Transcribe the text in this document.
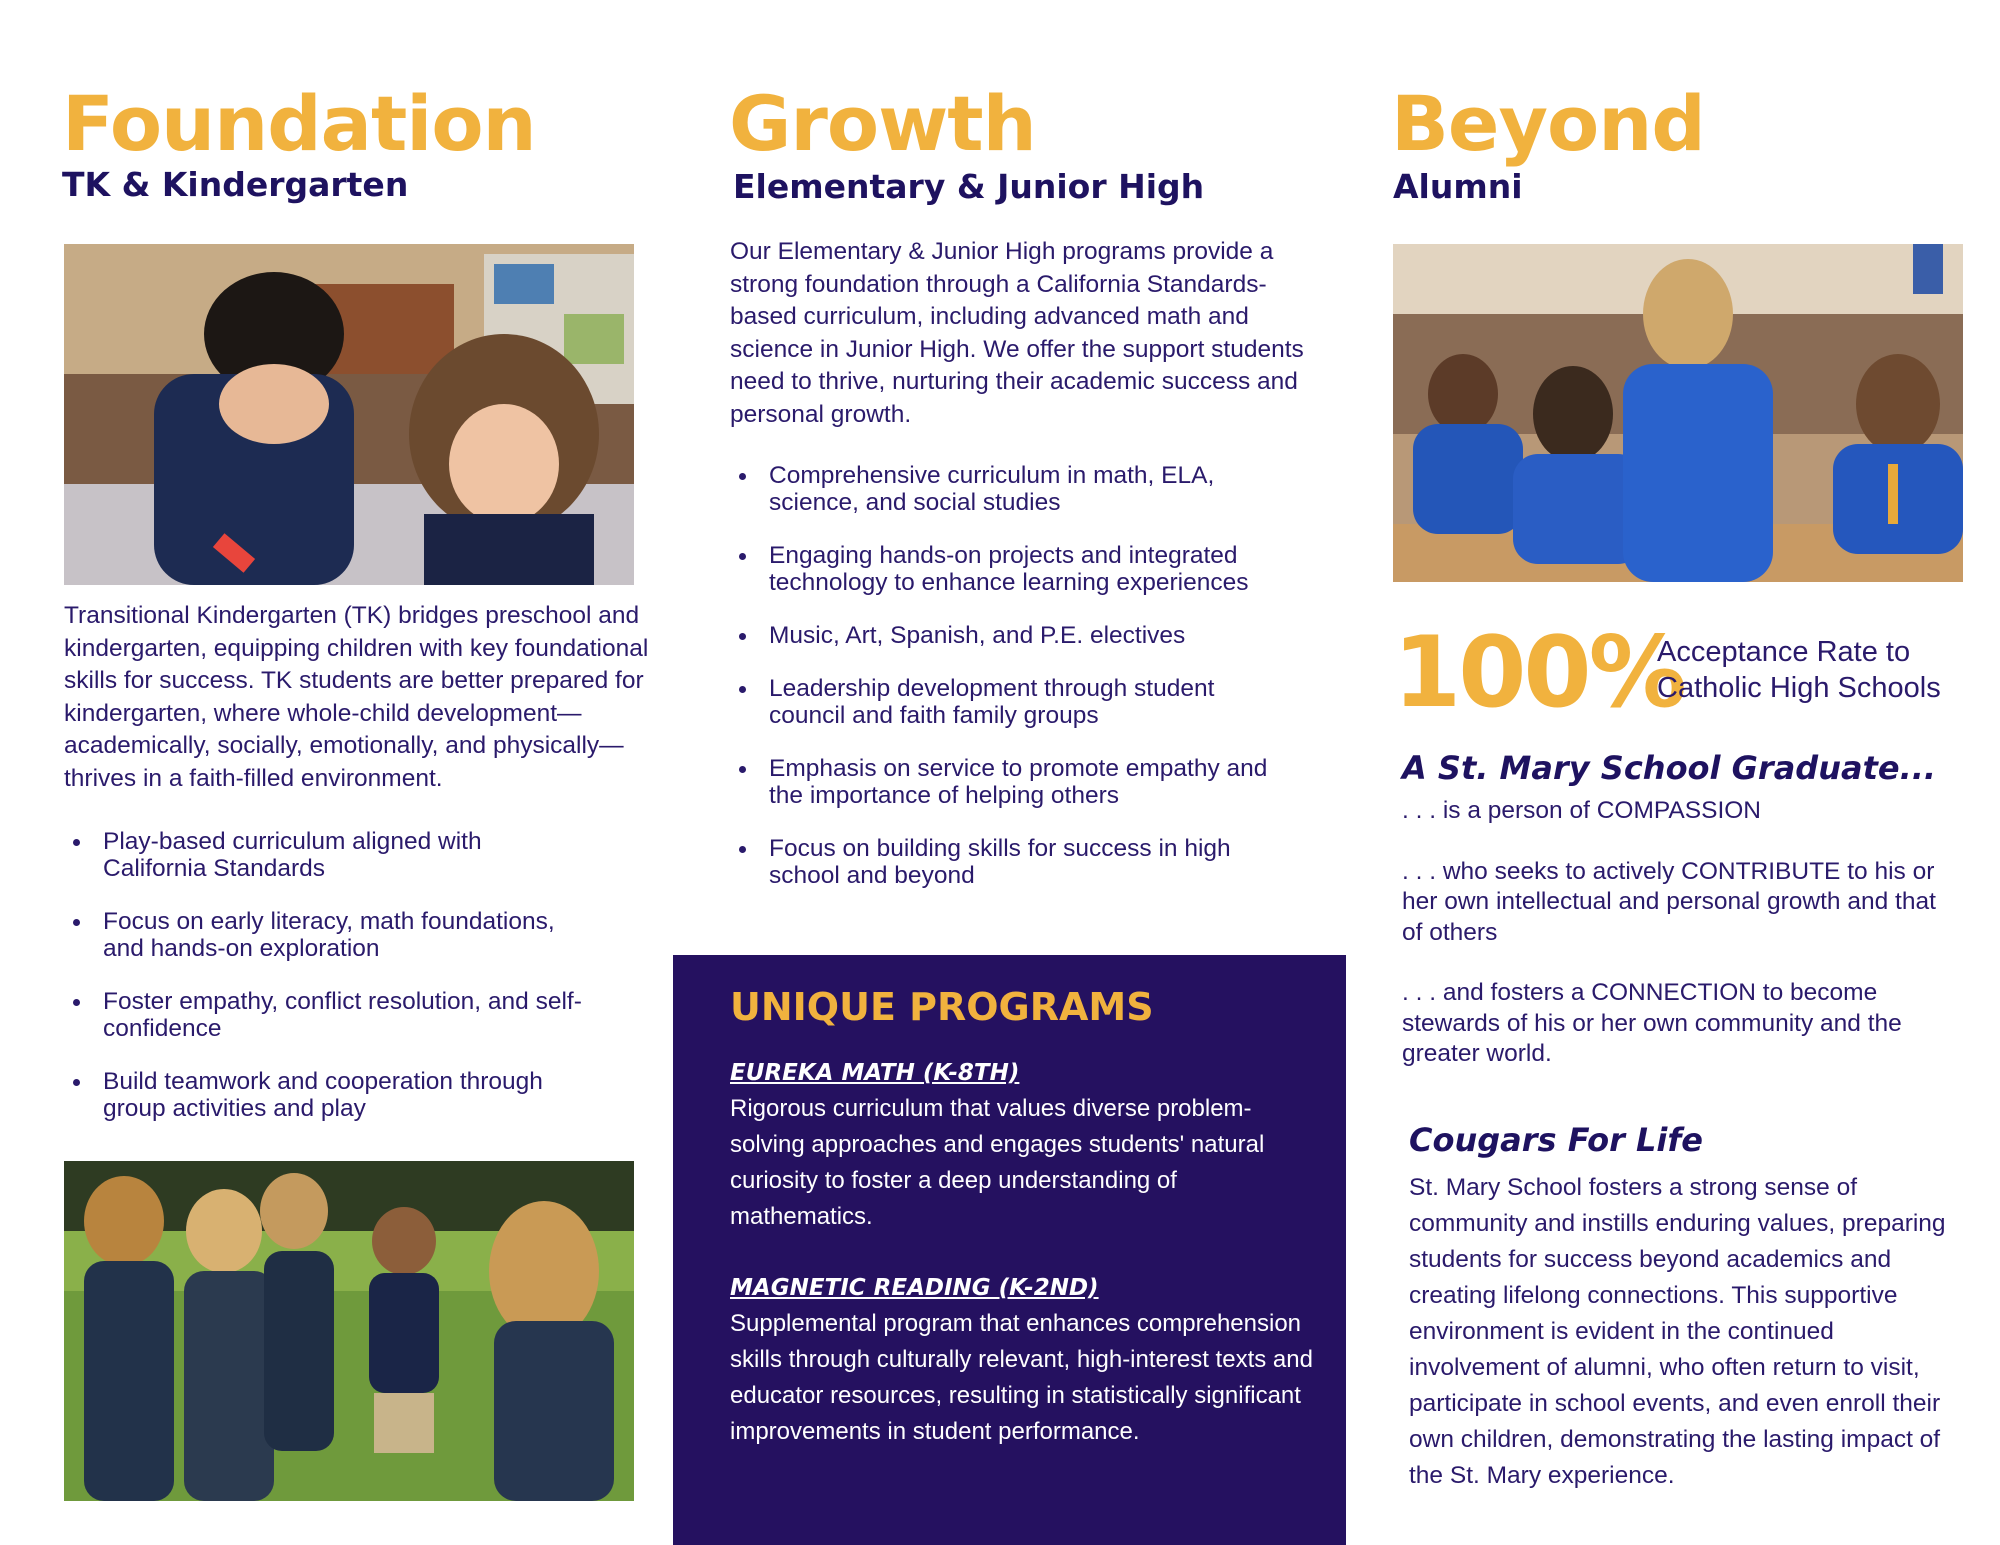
Foundation
TK & Kindergarten
Transitional Kindergarten (TK) bridges preschool and kindergarten, equipping children with key foundational skills for success. TK students are better prepared for kindergarten, where whole-child development—academically, socially, emotionally, and physically—thrives in a faith-filled environment.
Play-based curriculum aligned with California Standards
Focus on early literacy, math foundations, and hands-on exploration
Foster empathy, conflict resolution, and self-confidence
Build teamwork and cooperation through group activities and play
Growth
Elementary & Junior High
Our Elementary & Junior High programs provide a strong foundation through a California Standards-based curriculum, including advanced math and science in Junior High. We offer the support students need to thrive, nurturing their academic success and personal growth.
Comprehensive curriculum in math, ELA, science, and social studies
Engaging hands-on projects and integrated technology to enhance learning experiences
Music, Art, Spanish, and P.E. electives
Leadership development through student council and faith family groups
Emphasis on service to promote empathy and the importance of helping others
Focus on building skills for success in high school and beyond
UNIQUE PROGRAMS
EUREKA MATH (K-8TH)
Rigorous curriculum that values diverse problem-solving approaches and engages students' natural curiosity to foster a deep understanding of mathematics.
MAGNETIC READING (K-2ND)
Supplemental program that enhances comprehension skills through culturally relevant, high-interest texts and educator resources, resulting in statistically significant improvements in student performance.
Beyond
Alumni
100%
Acceptance Rate to Catholic High Schools
A St. Mary School Graduate...
. . . is a person of COMPASSION
. . . who seeks to actively CONTRIBUTE to his or her own intellectual and personal growth and that of others
. . . and fosters a CONNECTION to become stewards of his or her own community and the greater world.
Cougars For Life
St. Mary School fosters a strong sense of community and instills enduring values, preparing students for success beyond academics and creating lifelong connections. This supportive environment is evident in the continued involvement of alumni, who often return to visit, participate in school events, and even enroll their own children, demonstrating the lasting impact of the St. Mary experience.
